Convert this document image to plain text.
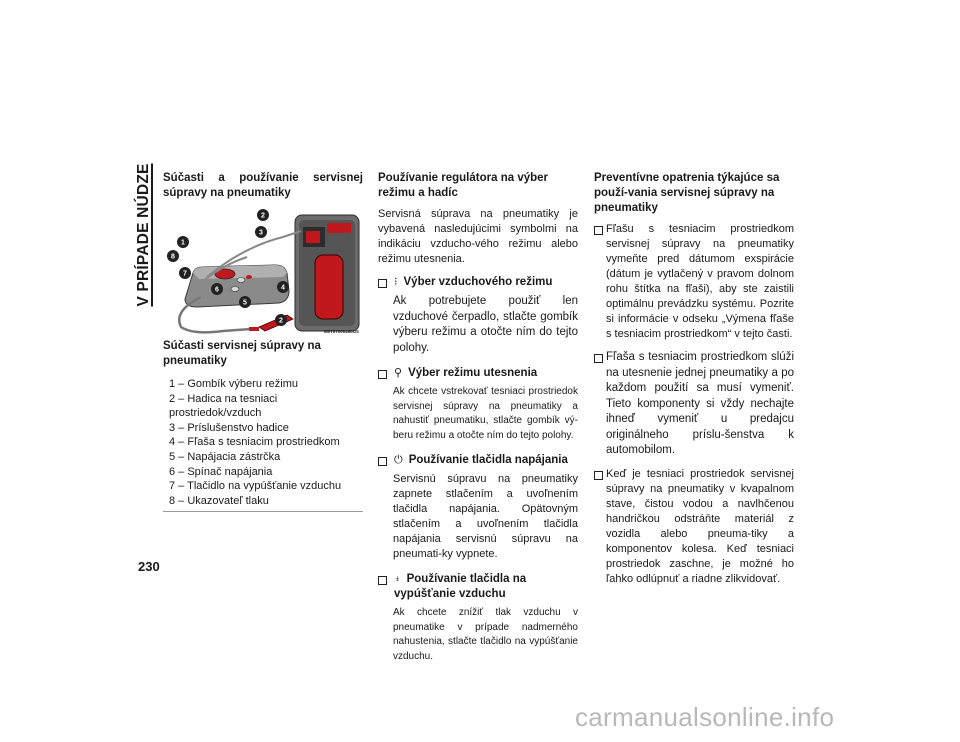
V PRÍPADE NÚDZE
230
Súčasti a používanie servisnej súpravy na pneumatiky
2
3
1
8
7
6	4
5
2
M0707000160US
Súčasti servisnej súpravy na pneumatiky
1 – Gombík výberu režimu
2 – Hadica na tesniaci prostriedok/vzduch
3 – Príslušenstvo hadice
4 – Fľaša s tesniacim prostriedkom
5 – Napájacia zástrčka
6 – Spínač napájania
7 – Tlačidlo na vypúšťanie vzduchu
8 – Ukazovateľ tlaku
Používanie regulátora na výber režimu a hadíc

Servisná súprava na pneumatiky je vybavená nasledujúcimi symbolmi na indikáciu vzducho-vého režimu alebo režimu utesnenia.

⁝ Výber vzduchového režimu

Ak potrebujete použiť len vzduchové čerpadlo, stlačte gombík výberu režimu a otočte ním do tejto polohy.

⚲ Výber režimu utesnenia

Ak chcete vstrekovať tesniaci prostriedok servisnej súpravy na pneumatiky a nahustiť pneumatiku, stlačte gombík vý-beru režimu a otočte ním do tejto polohy.

⏻ Používanie tlačidla napájania

Servisnú súpravu na pneumatiky zapnete stlačením a uvoľnením tlačidla napájania. Opätovným stlačením a uvoľnením tlačidla napájania servisnú súpravu na pneumati-ky vypnete.

⍖ Používanie tlačidla na vypúšťanie vzduchu

Ak chcete znížiť tlak vzduchu v pneumatike v prípade nadmerného nahustenia, stlačte tlačidlo na vypúšťanie vzduchu.

Preventívne opatrenia týkajúce sa použí-vania servisnej súpravy na pneumatiky

Fľašu s tesniacim prostriedkom servisnej súpravy na pneumatiky vymeňte pred dátumom exspirácie (dátum je vytlačený v pravom dolnom rohu štítka na fľaši), aby ste zaistili optimálnu prevádzku systému. Pozrite si informácie v odseku „Výmena fľaše s tesniacim prostriedkom“ v tejto časti.

Fľaša s tesniacim prostriedkom slúži na utesnenie jednej pneumatiky a po každom použití sa musí vymeniť. Tieto komponenty si vždy nechajte ihneď vymeniť u predajcu originálneho príslu-šenstva k automobilom.

Keď je tesniaci prostriedok servisnej súpravy na pneumatiky v kvapalnom stave, čistou vodou a navlhčenou handričkou odstráňte materiál z vozidla alebo pneuma-tiky a komponentov kolesa. Keď tesniaci prostriedok zaschne, je možné ho ľahko odlúpnuť a riadne zlikvidovať.

carmanualsonline.info
